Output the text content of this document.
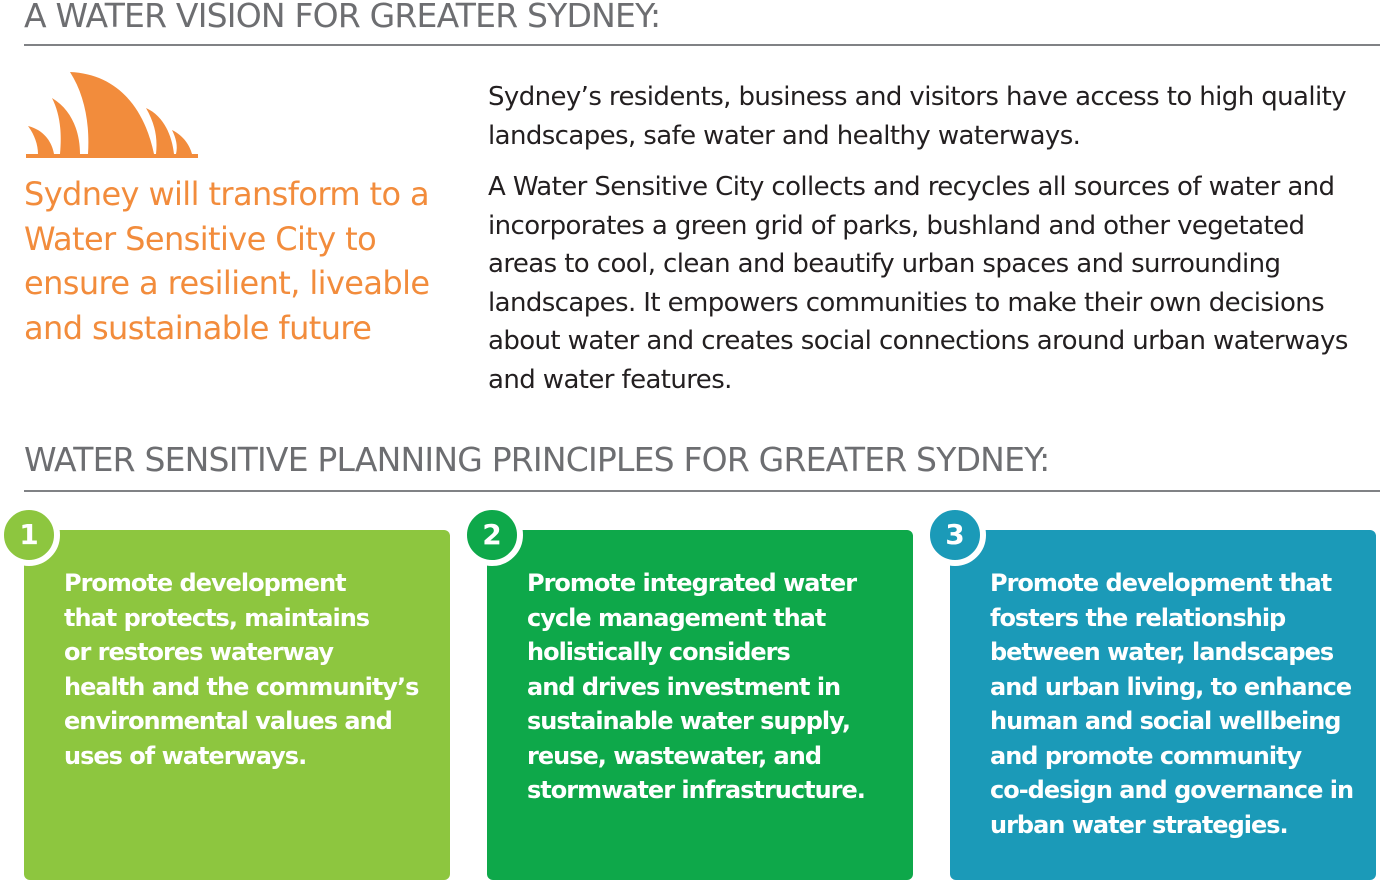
A WATER VISION FOR GREATER SYDNEY:

Sydney will transform to a Water Sensitive City to ensure a resilient, liveable and sustainable future

Sydney’s residents, business and visitors have access to high quality landscapes, safe water and healthy waterways.

A Water Sensitive City collects and recycles all sources of water and incorporates a green grid of parks, bushland and other vegetated areas to cool, clean and beautify urban spaces and surrounding landscapes. It empowers communities to make their own decisions about water and creates social connections around urban waterways and water features.

WATER SENSITIVE PLANNING PRINCIPLES FOR GREATER SYDNEY:
1

Promote development
that protects, maintains
or restores waterway
health and the community’s
environmental values and
uses of waterways.

2

Promote integrated water
cycle management that
holistically considers
and drives investment in
sustainable water supply,
reuse, wastewater, and
stormwater infrastructure.

3

Promote development that
fosters the relationship
between water, landscapes
and urban living, to enhance
human and social wellbeing
and promote community
co-design and governance in
urban water strategies.
